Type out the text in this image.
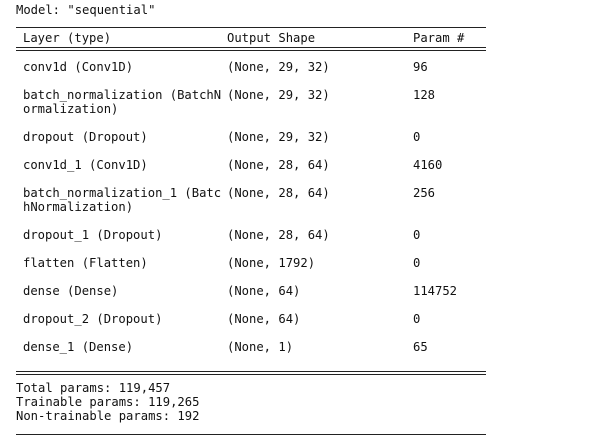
Model: "sequential"
Layer (type)	Output Shape	Param #
conv1d (Conv1D)	(None, 29, 32)	96
batch_normalization (BatchN
ormalization)
(None, 29, 32)	128
dropout (Dropout)	(None, 29, 32)	0
conv1d_1 (Conv1D)	(None, 28, 64)	4160
batch_normalization_1 (Batc
hNormalization)
(None, 28, 64)	256
dropout_1 (Dropout)	(None, 28, 64)	0
flatten (Flatten)	(None, 1792)	0
dense (Dense)	(None, 64)	114752
dropout_2 (Dropout)	(None, 64)	0
dense_1 (Dense)	(None, 1)	65
Total params: 119,457
Trainable params: 119,265
Non-trainable params: 192
